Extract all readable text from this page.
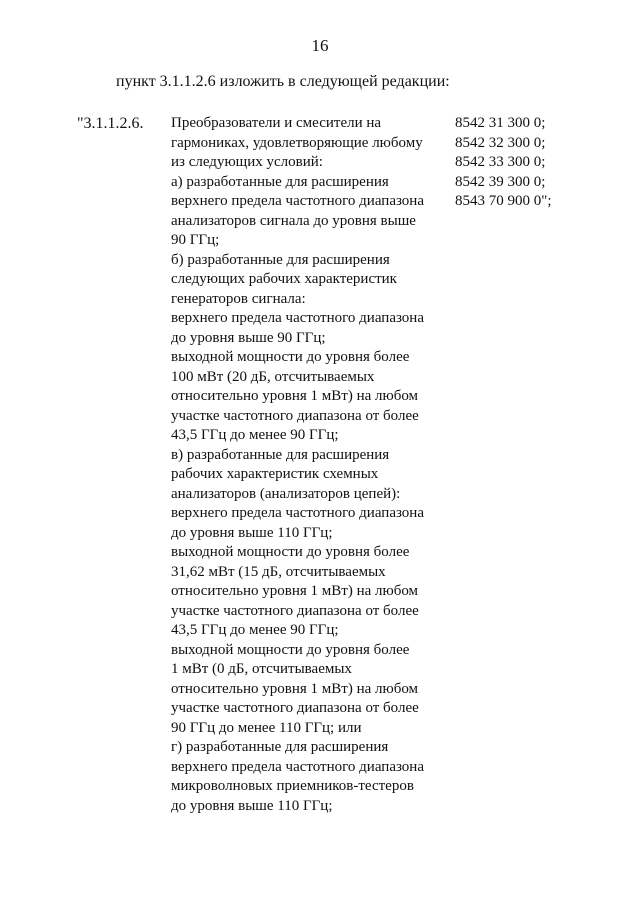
16
пункт 3.1.1.2.6 изложить в следующей редакции:
"3.1.1.2.6. Преобразователи и смесители на
гармониках, удовлетворяющие любому
из следующих условий:
а) разработанные для расширения
верхнего предела частотного диапазона
анализаторов сигнала до уровня выше
90 ГГц;
б) разработанные для расширения
следующих рабочих характеристик
генераторов сигнала:
верхнего предела частотного диапазона
до уровня выше 90 ГГц;
выходной мощности до уровня более
100 мВт (20 дБ, отсчитываемых
относительно уровня 1 мВт) на любом
участке частотного диапазона от более
43,5 ГГц до менее 90 ГГц;
в) разработанные для расширения
рабочих характеристик схемных
анализаторов (анализаторов цепей):
верхнего предела частотного диапазона
до уровня выше 110 ГГц;
выходной мощности до уровня более
31,62 мВт (15 дБ, отсчитываемых
относительно уровня 1 мВт) на любом
участке частотного диапазона от более
43,5 ГГц до менее 90 ГГц;
выходной мощности до уровня более
1 мВт (0 дБ, отсчитываемых
относительно уровня 1 мВт) на любом
участке частотного диапазона от более
90 ГГц до менее 110 ГГц; или
г) разработанные для расширения
верхнего предела частотного диапазона
микроволновых приемников-тестеров
до уровня выше 110 ГГц;
8542 31 300 0;
8542 32 300 0;
8542 33 300 0;
8542 39 300 0;
8543 70 900 0";
